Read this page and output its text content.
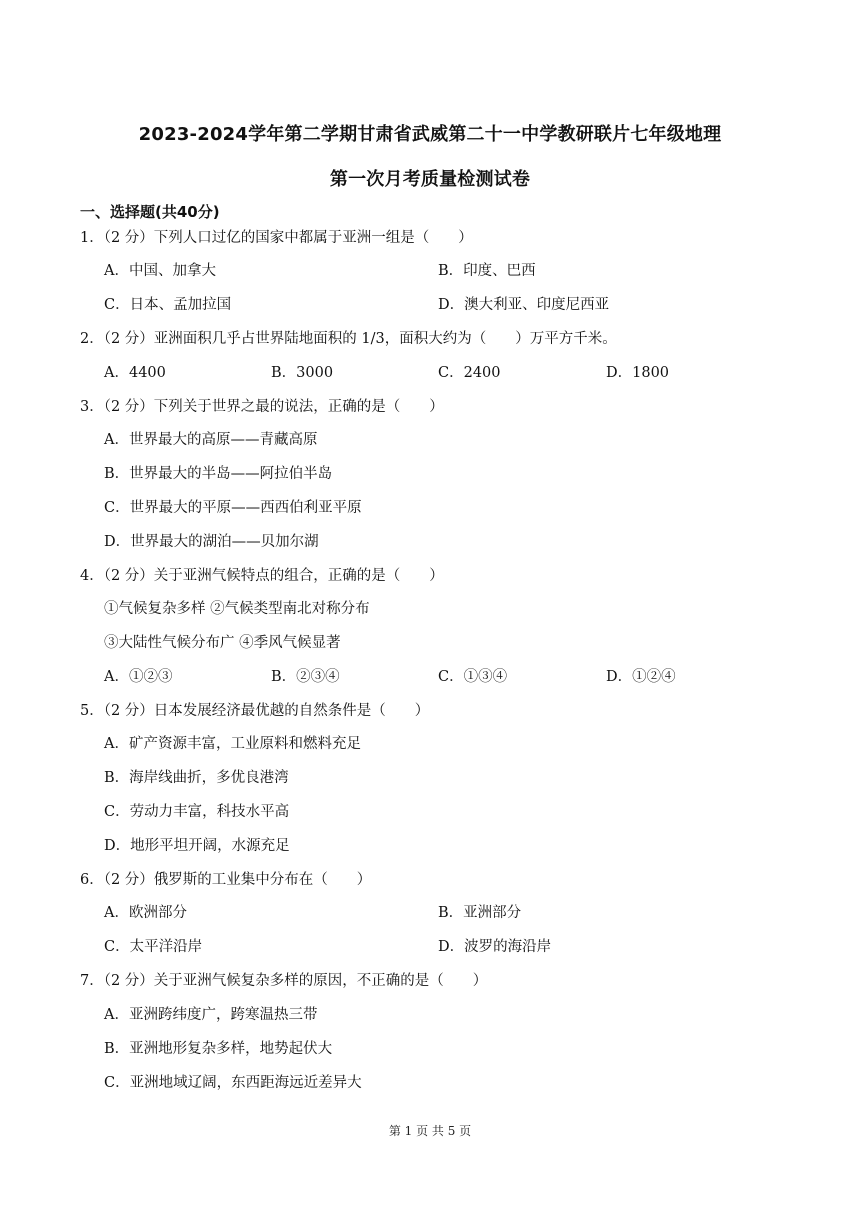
2023-2024学年第二学期甘肃省武威第二十一中学教研联片七年级地理
第一次月考质量检测试卷
一、选择题(共40分)
1．（2 分）下列人口过亿的国家中都属于亚洲一组是（　　）
A．中国、加拿大	B．印度、巴西
C．日本、孟加拉国	D．澳大利亚、印度尼西亚
2．（2 分）亚洲面积几乎占世界陆地面积的 1/3，面积大约为（　　）万平方千米。
A．4400	B．3000	C．2400	D．1800
3．（2 分）下列关于世界之最的说法，正确的是（　　）
A．世界最大的高原——青藏高原
B．世界最大的半岛——阿拉伯半岛
C．世界最大的平原——西西伯利亚平原
D．世界最大的湖泊——贝加尔湖
4．（2 分）关于亚洲气候特点的组合，正确的是（　　）
①气候复杂多样 ②气候类型南北对称分布
③大陆性气候分布广 ④季风气候显著
A．①②③	B．②③④	C．①③④	D．①②④
5．（2 分）日本发展经济最优越的自然条件是（　　）
A．矿产资源丰富，工业原料和燃料充足
B．海岸线曲折，多优良港湾
C．劳动力丰富，科技水平高
D．地形平坦开阔，水源充足
6．（2 分）俄罗斯的工业集中分布在（　　）
A．欧洲部分	B．亚洲部分
C．太平洋沿岸	D．波罗的海沿岸
7．（2 分）关于亚洲气候复杂多样的原因，不正确的是（　　）
A．亚洲跨纬度广，跨寒温热三带
B．亚洲地形复杂多样，地势起伏大
C．亚洲地域辽阔，东西距海远近差异大
第 1 页 共 5 页
